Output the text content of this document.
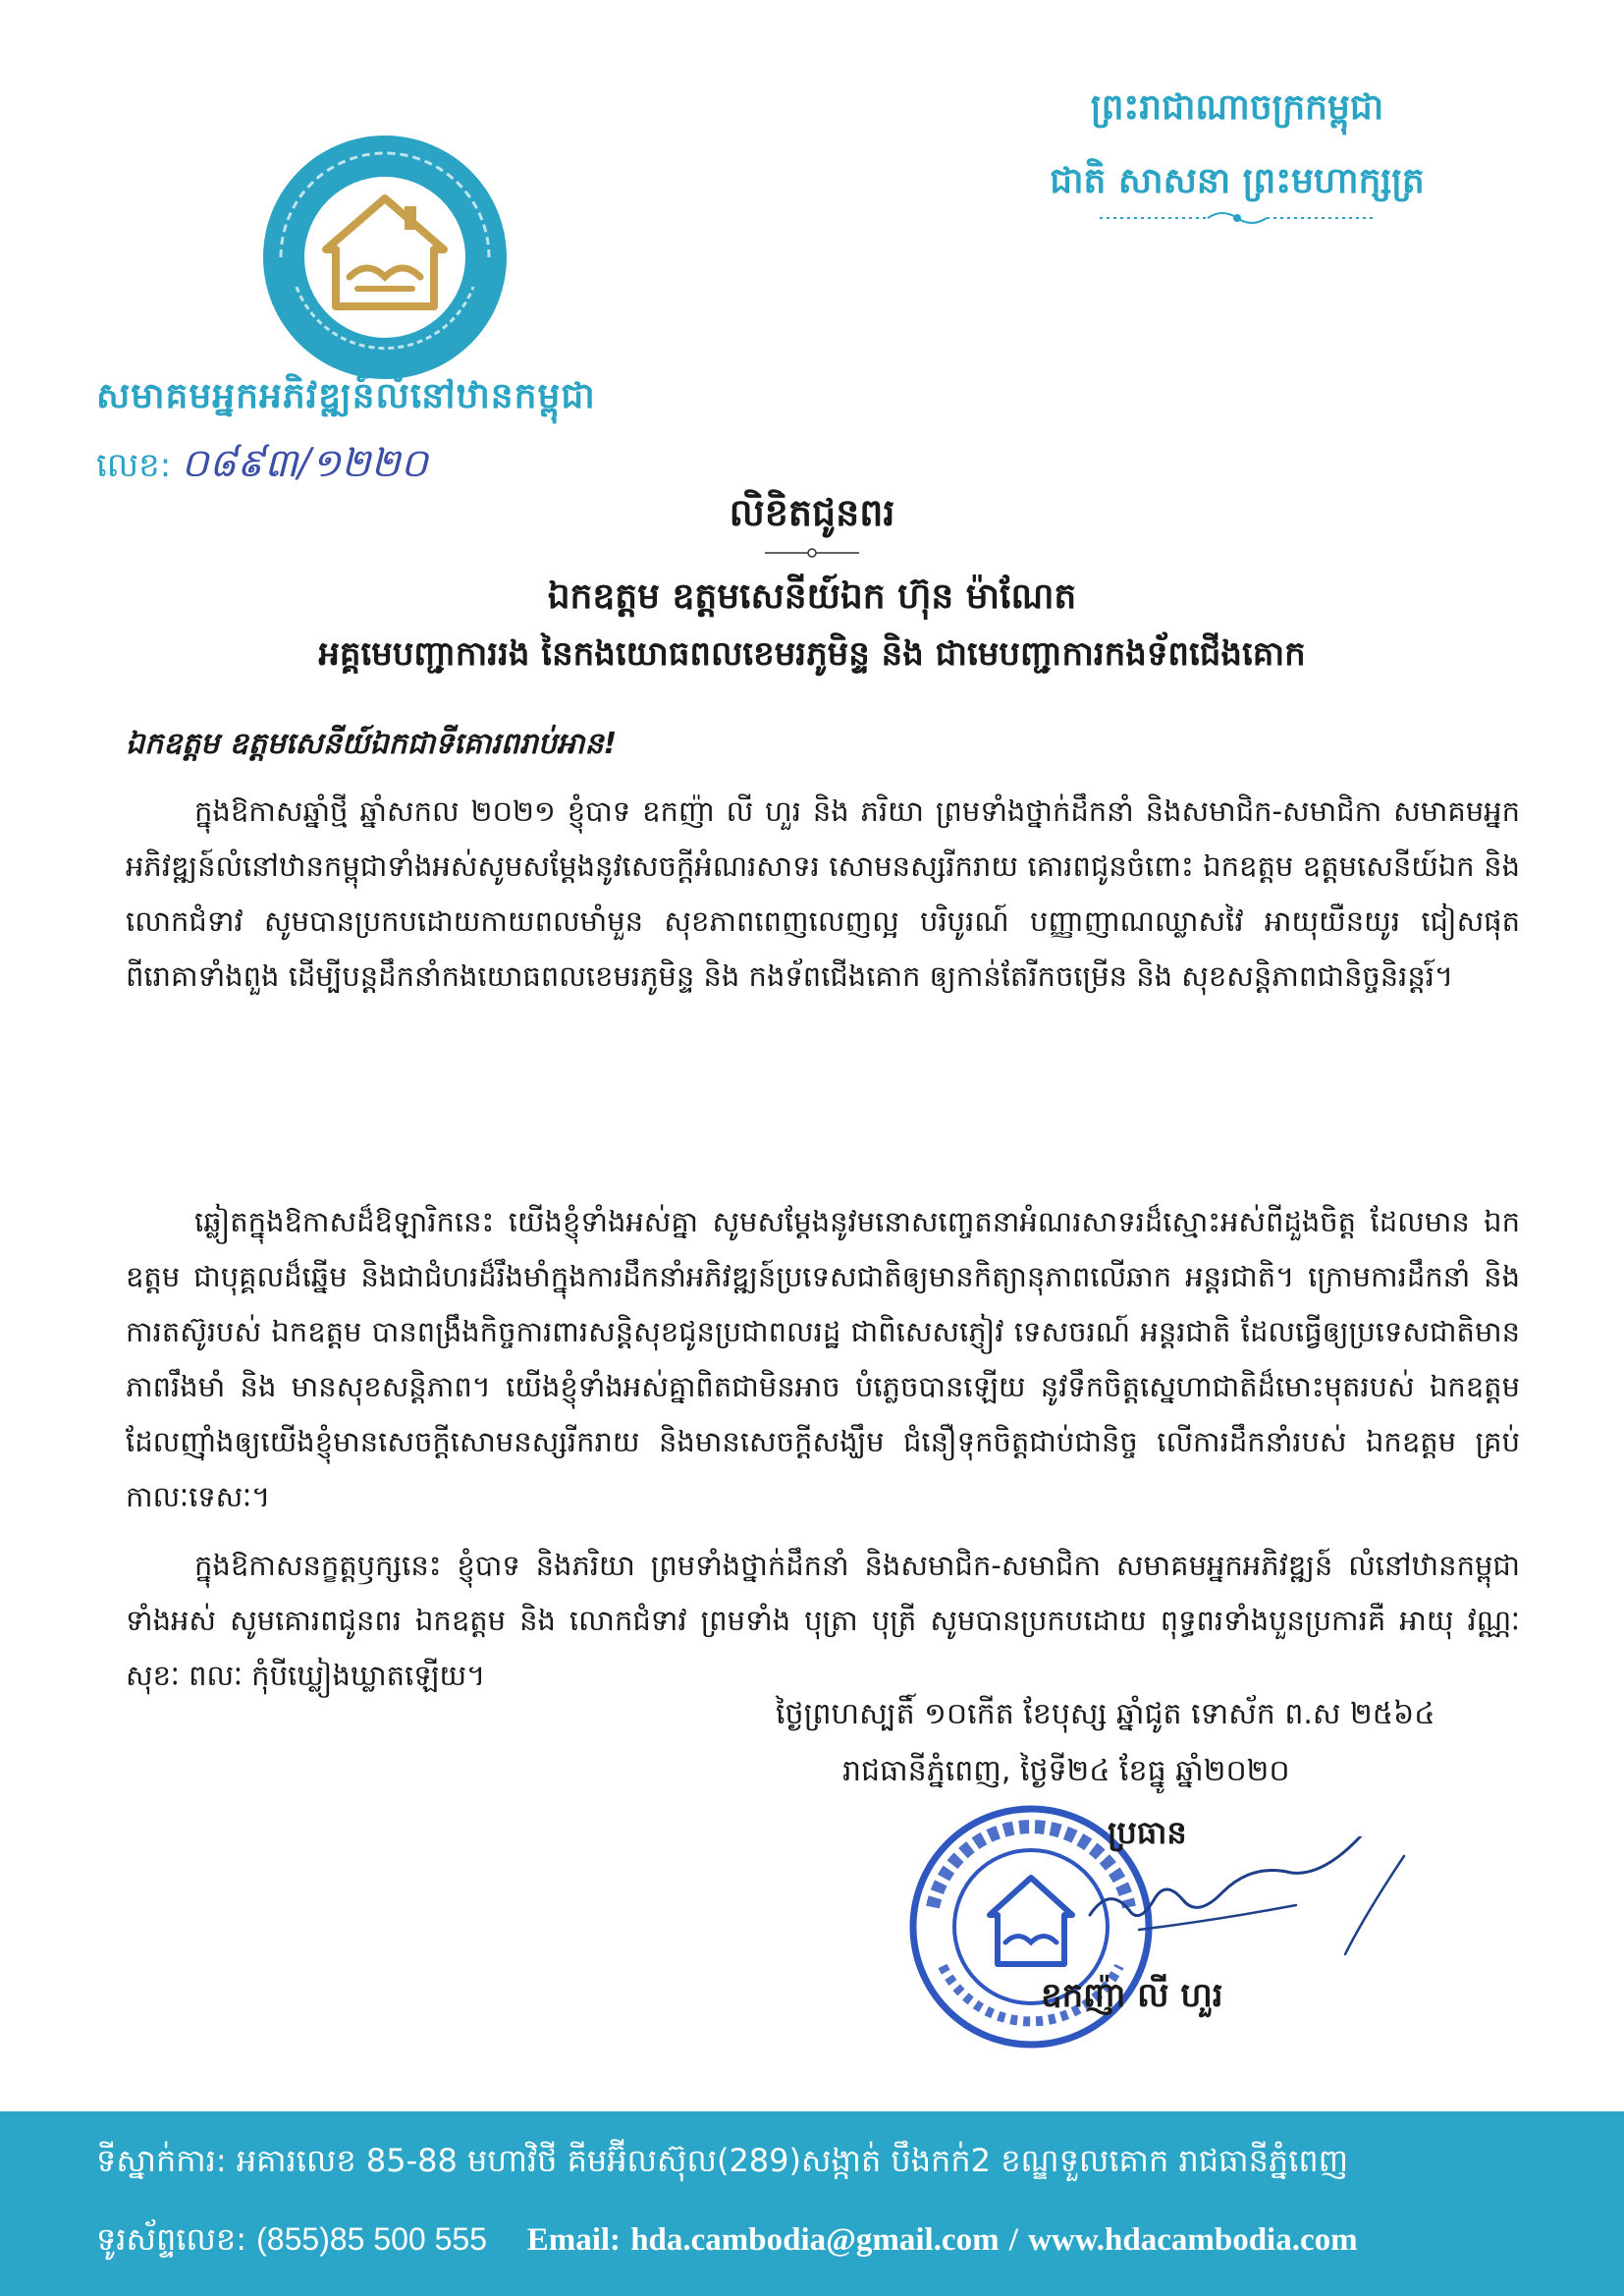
សមាគមអ្នកអភិវឌ្ឍន៍លំនៅឋានកម្ពុជា
លេខ: ០៨៩៣/១២២០
ព្រះរាជាណាចក្រកម្ពុជា
ជាតិ សាសនា ព្រះមហាក្សត្រ
លិខិតជូនពរ
ឯកឧត្តម ឧត្តមសេនីយ៍ឯក ហ៊ុន ម៉ាណែត
អគ្គមេបញ្ជាការរង នៃកងយោធពលខេមរភូមិន្ទ និង ជាមេបញ្ជាការកងទ័ពជើងគោក
ឯកឧត្តម ឧត្តមសេនីយ៍ឯកជាទីគោរពរាប់អាន!
ក្នុងឱកាសឆ្នាំថ្មី ឆ្នាំសកល ២០២១ ខ្ញុំបាទ ឧកញ៉ា លី ហួរ និង ភរិយា ព្រមទាំងថ្នាក់ដឹកនាំ និងសមាជិក-សមាជិកា សមាគមអ្នកអភិវឌ្ឍន៍លំនៅឋានកម្ពុជាទាំងអស់សូមសម្តែងនូវសេចក្តីអំណរសាទរ សោមនស្សរីករាយ គោរពជូនចំពោះ ឯកឧត្តម ឧត្តមសេនីយ៍ឯក និង លោកជំទាវ សូមបានប្រកបដោយកាយពលមាំមួន សុខភាពពេញលេញល្អ បរិបូរណ៍ បញ្ញាញាណឈ្លាសវៃ អាយុយឺនយូរ ជៀសផុតពីរោគាទាំងពួង ដើម្បីបន្តដឹកនាំកងយោធពលខេមរភូមិន្ទ និង កងទ័ពជើងគោក ឲ្យកាន់តែរីកចម្រើន និង សុខសន្តិភាពជានិច្ចនិរន្តរ៍។
ឆ្លៀតក្នុងឱកាសដ៏ឱឡារិកនេះ យើងខ្ញុំទាំងអស់គ្នា សូមសម្តែងនូវមនោសញ្ចេតនាអំណរសាទរដ៏ស្មោះអស់ពីដួងចិត្ត ដែលមាន ឯកឧត្តម ជាបុគ្គលដ៏ឆ្នើម និងជាជំហរដ៏រឹងមាំក្នុងការដឹកនាំអភិវឌ្ឍន៍ប្រទេសជាតិឲ្យមានកិត្យានុភាពលើឆាក អន្តរជាតិ។ ក្រោមការដឹកនាំ និងការតស៊ូរបស់ ឯកឧត្តម បានពង្រឹងកិច្ចការពារសន្តិសុខជូនប្រជាពលរដ្ឋ ជាពិសេសភ្ញៀវ ទេសចរណ៍ អន្តរជាតិ ដែលធ្វើឲ្យប្រទេសជាតិមានភាពរឹងមាំ និង មានសុខសន្តិភាព។ យើងខ្ញុំទាំងអស់គ្នាពិតជាមិនអាច បំភ្លេចបានឡើយ នូវទឹកចិត្តស្នេហាជាតិដ៏មោះមុតរបស់ ឯកឧត្តម ដែលញ៉ាំងឲ្យយើងខ្ញុំមានសេចក្តីសោមនស្សរីករាយ និងមានសេចក្តីសង្ឃឹម ជំនឿទុកចិត្តជាប់ជានិច្ច លើការដឹកនាំរបស់ ឯកឧត្តម គ្រប់កាលៈទេសៈ។
ក្នុងឱកាសនក្ខត្តឫក្សនេះ ខ្ញុំបាទ និងភរិយា ព្រមទាំងថ្នាក់ដឹកនាំ និងសមាជិក-សមាជិកា សមាគមអ្នកអភិវឌ្ឍន៍ លំនៅឋានកម្ពុជាទាំងអស់ សូមគោរពជូនពរ ឯកឧត្តម និង លោកជំទាវ ព្រមទាំង បុត្រា បុត្រី សូមបានប្រកបដោយ ពុទ្ធពរទាំងបួនប្រការគឺ អាយុ វណ្ណៈ សុខៈ ពលៈ កុំបីឃ្លៀងឃ្លាតឡើយ។
ថ្ងៃព្រហស្បតិ៍ ១០កើត ខែបុស្ស ឆ្នាំជូត ទោស័ក ព.ស ២៥៦៤
រាជធានីភ្នំពេញ, ថ្ងៃទី២៤ ខែធ្នូ ឆ្នាំ២០២០
ប្រធាន
ឧកញ៉ា លី ហួរ
ទីស្នាក់ការ: អគារលេខ 85-88 មហាវិថី គីមអ៊ីលស៊ុល(289)សង្កាត់ បឹងកក់2 ខណ្ឌទួលគោក រាជធានីភ្នំពេញ
ទូរស័ព្ទលេខ: (855)85 500 555 Email: hda.cambodia@gmail.com / www.hdacambodia.com
